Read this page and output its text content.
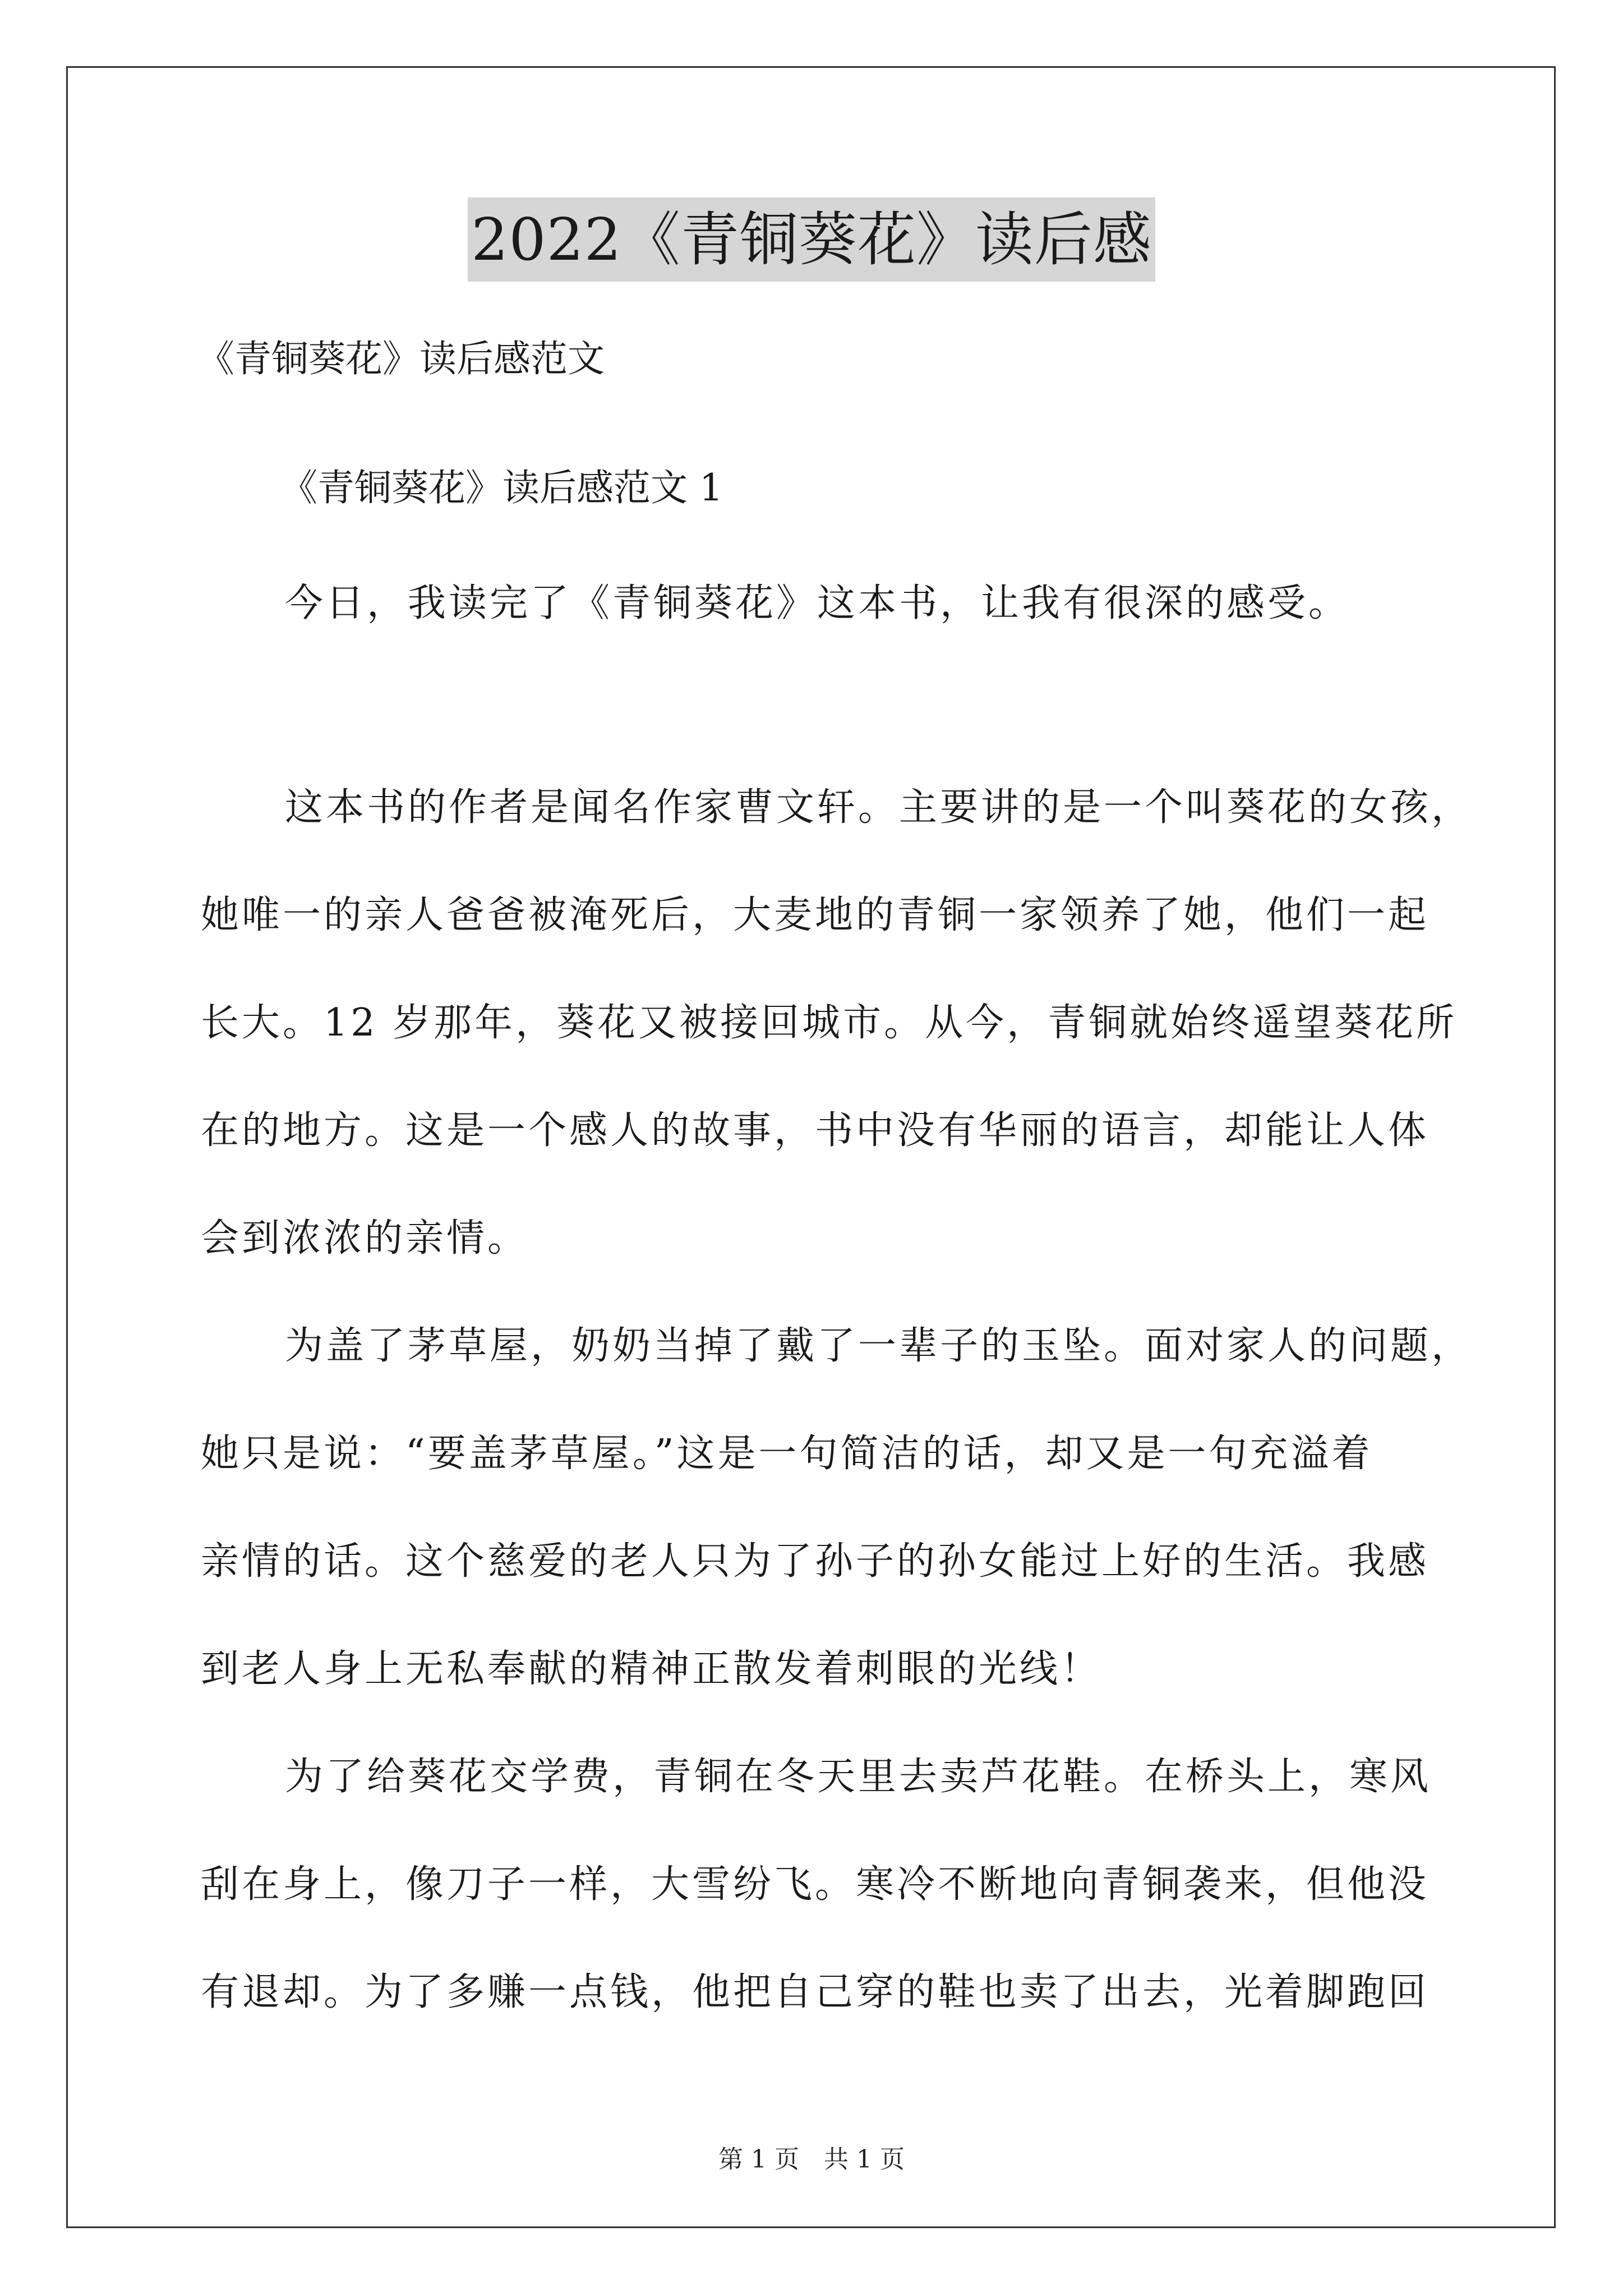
2022《青铜葵花》读后感
《青铜葵花》读后感范文
《青铜葵花》读后感范文 1

今日，我读完了《青铜葵花》这本书，让我有很深的感受。

这本书的作者是闻名作家曹文轩。主要讲的是一个叫葵花的女孩，
她唯一的亲人爸爸被淹死后，大麦地的青铜一家领养了她，他们一起
长大。12 岁那年，葵花又被接回城市。从今，青铜就始终遥望葵花所
在的地方。这是一个感人的故事，书中没有华丽的语言，却能让人体
会到浓浓的亲情。

为盖了茅草屋，奶奶当掉了戴了一辈子的玉坠。面对家人的问题，
她只是说：“要盖茅草屋。”这是一句简洁的话，却又是一句充溢着
亲情的话。这个慈爱的老人只为了孙子的孙女能过上好的生活。我感
到老人身上无私奉献的精神正散发着刺眼的光线！

为了给葵花交学费，青铜在冬天里去卖芦花鞋。在桥头上，寒风
刮在身上，像刀子一样，大雪纷飞。寒冷不断地向青铜袭来，但他没
有退却。为了多赚一点钱，他把自己穿的鞋也卖了出去，光着脚跑回

第 1 页　共 1 页
